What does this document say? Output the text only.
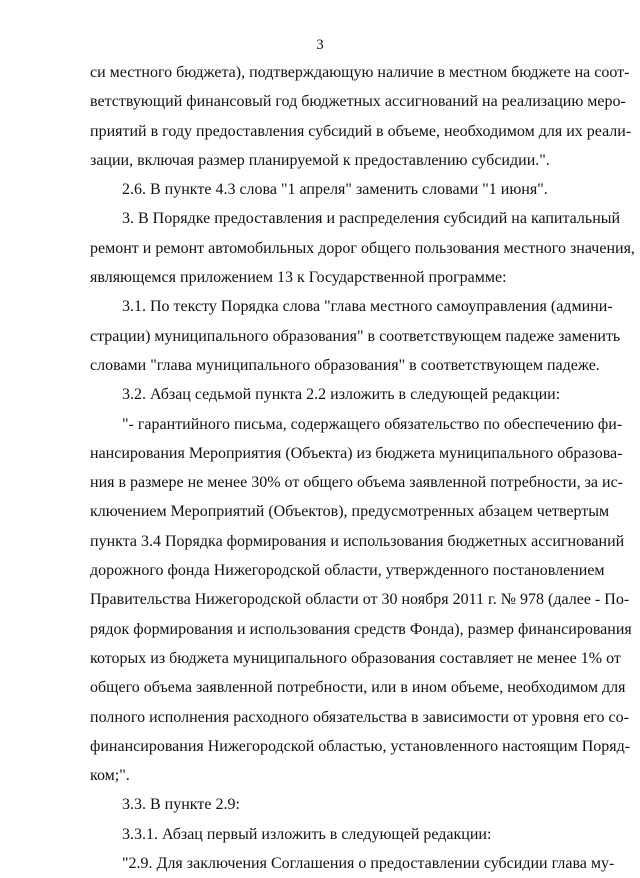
3
си местного бюджета), подтверждающую наличие в местном бюджете на соот-
ветствующий финансовый год бюджетных ассигнований на реализацию меро-
приятий в году предоставления субсидий в объеме, необходимом для их реали-
зации, включая размер планируемой к предоставлению субсидии.".
2.6. В пункте 4.3 слова "1 апреля" заменить словами "1 июня".
3. В Порядке предоставления и распределения субсидий на капитальный
ремонт и ремонт автомобильных дорог общего пользования местного значения,
являющемся приложением 13 к Государственной программе:
3.1. По тексту Порядка слова "глава местного самоуправления (админи-
страции) муниципального образования" в соответствующем падеже заменить
словами "глава муниципального образования" в соответствующем падеже.
3.2. Абзац седьмой пункта 2.2 изложить в следующей редакции:
"- гарантийного письма, содержащего обязательство по обеспечению фи-
нансирования Мероприятия (Объекта) из бюджета муниципального образова-
ния в размере не менее 30% от общего объема заявленной потребности, за ис-
ключением Мероприятий (Объектов), предусмотренных абзацем четвертым
пункта 3.4 Порядка формирования и использования бюджетных ассигнований
дорожного фонда Нижегородской области, утвержденного постановлением
Правительства Нижегородской области от 30 ноября 2011 г. № 978 (далее - По-
рядок формирования и использования средств Фонда), размер финансирования
которых из бюджета муниципального образования составляет не менее 1% от
общего объема заявленной потребности, или в ином объеме, необходимом для
полного исполнения расходного обязательства в зависимости от уровня его со-
финансирования Нижегородской областью, установленного настоящим Поряд-
ком;".
3.3. В пункте 2.9:
3.3.1. Абзац первый изложить в следующей редакции:
"2.9. Для заключения Соглашения о предоставлении субсидии глава му-
